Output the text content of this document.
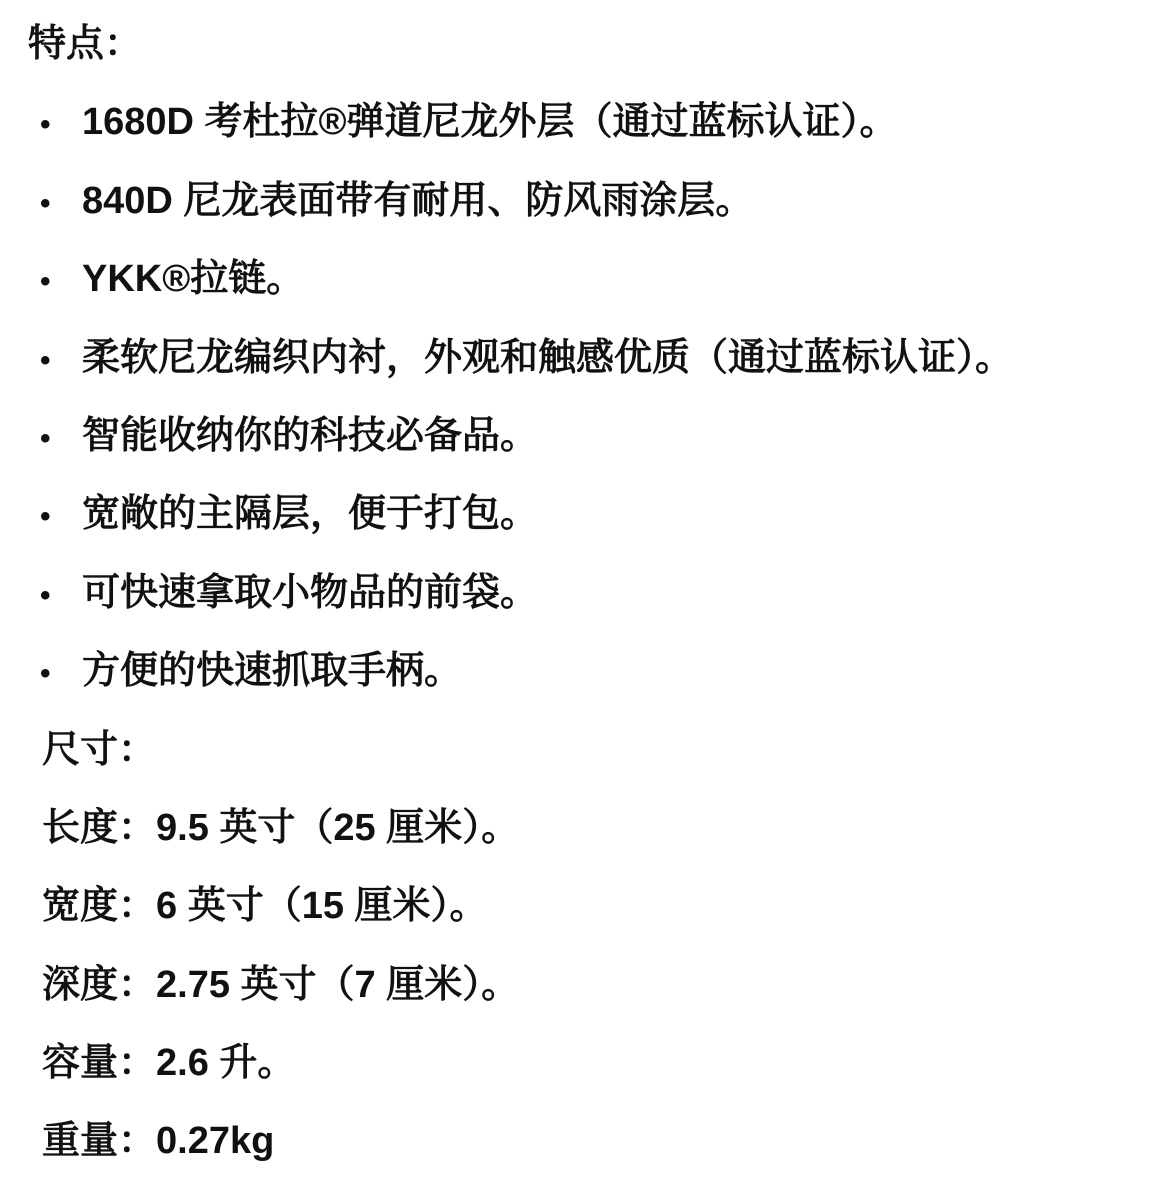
特点：
• 1680D 考杜拉®弹道尼龙外层（通过蓝标认证）。
• 840D 尼龙表面带有耐用、防风雨涂层。
• YKK®拉链。
• 柔软尼龙编织内衬，外观和触感优质（通过蓝标认证）。
• 智能收纳你的科技必备品。
• 宽敞的主隔层，便于打包。
• 可快速拿取小物品的前袋。
• 方便的快速抓取手柄。
尺寸：
长度：9.5 英寸（25 厘米）。
宽度：6 英寸（15 厘米）。
深度：2.75 英寸（7 厘米）。
容量：2.6 升。
重量：0.27kg
